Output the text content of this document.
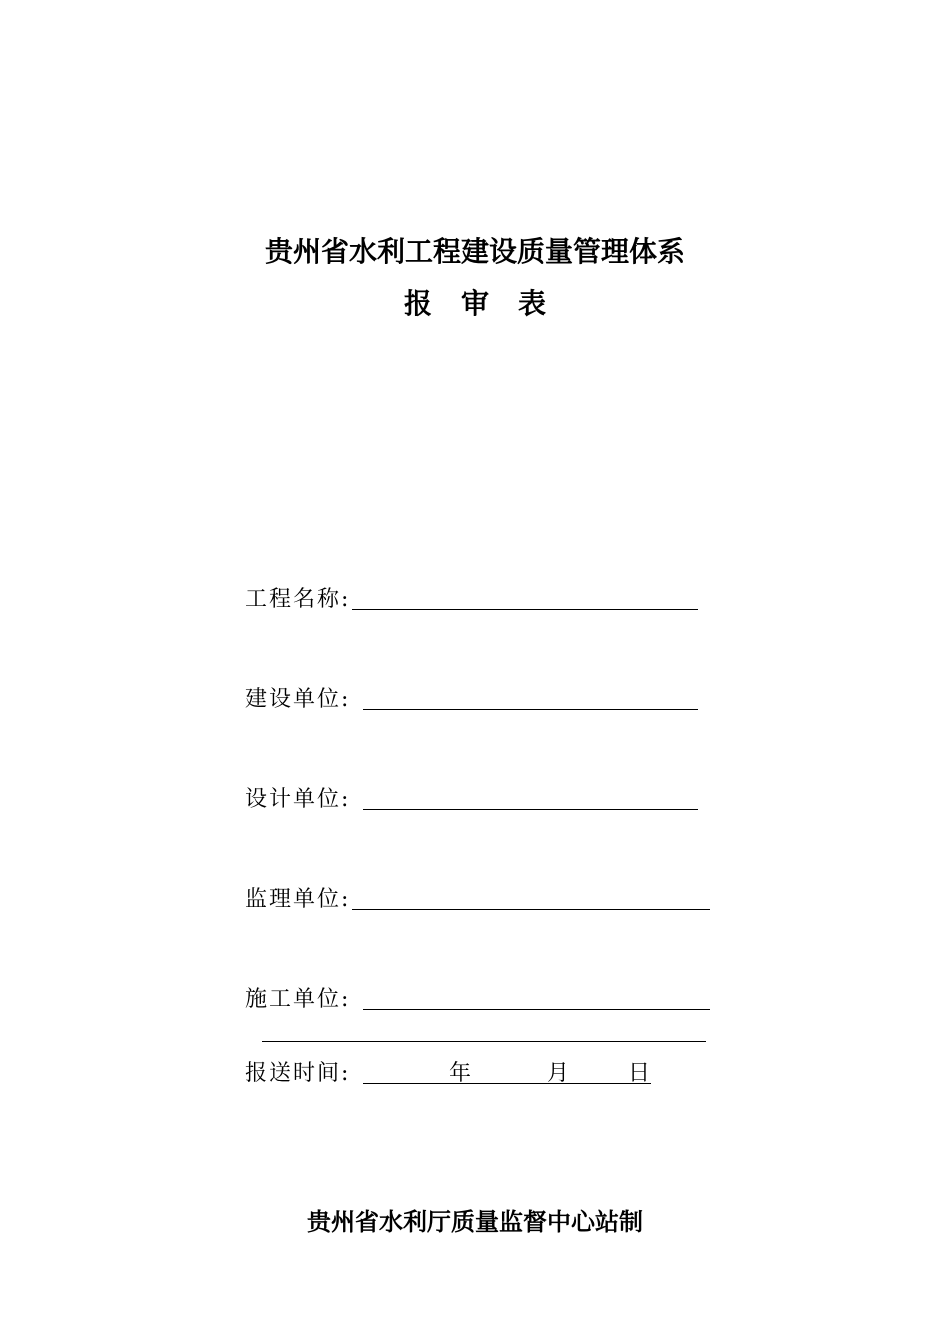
贵州省水利工程建设质量管理体系
报 审 表
工程名称:
建设单位:
设计单位:
监理单位:
施工单位:
报送时间:	年	月	日

贵州省水利厅质量监督中心站制
